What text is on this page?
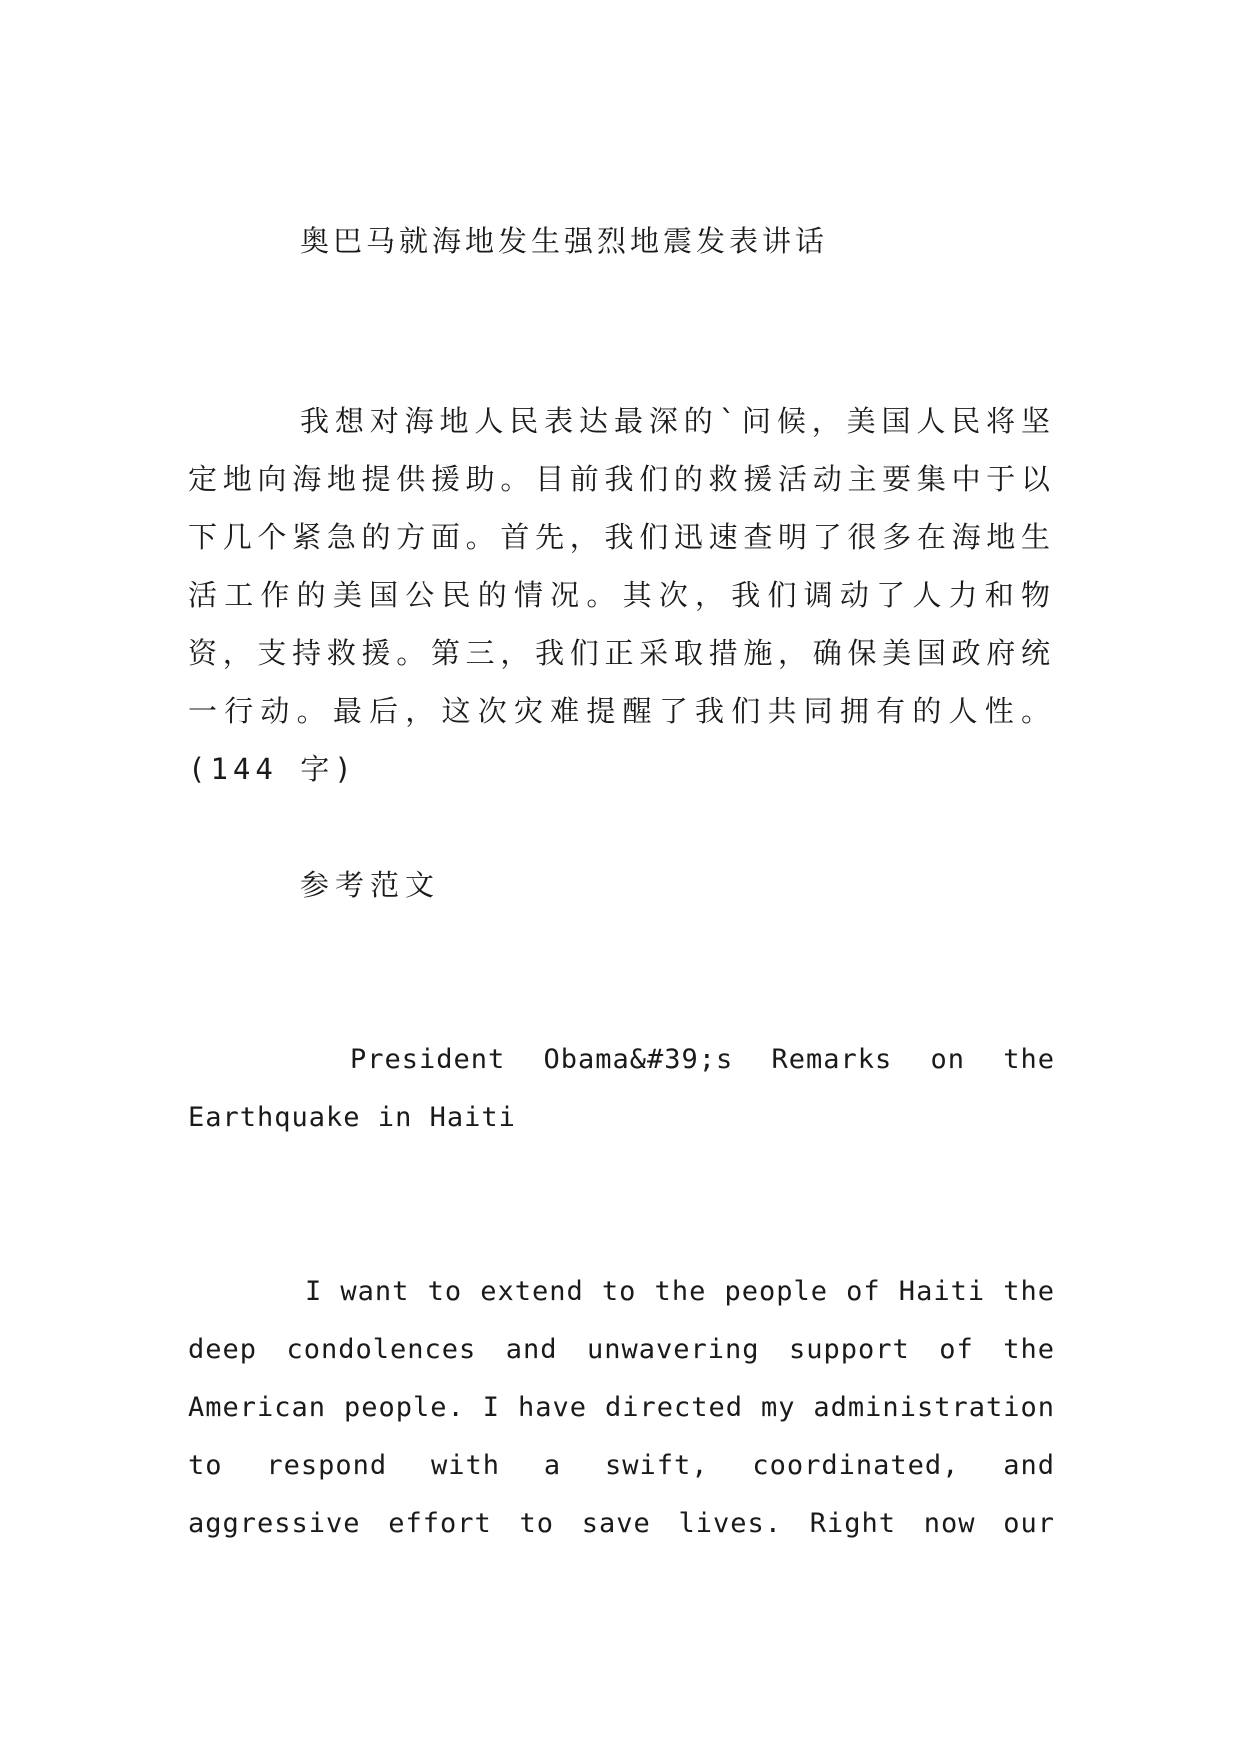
奥巴马就海地发生强烈地震发表讲话
我想对海地人民表达最深的`问候，美国人民将坚定地向海地提供援助。目前我们的救援活动主要集中于以下几个紧急的方面。首先，我们迅速查明了很多在海地生活工作的美国公民的情况。其次，我们调动了人力和物资，支持救援。第三，我们正采取措施，确保美国政府统一行动。最后，这次灾难提醒了我们共同拥有的人性。(144 字)
参考范文
President Obama&#39;s Remarks on the Earthquake in Haiti
I want to extend to the people of Haiti the deep condolences and unwavering support of the American people. I have directed my administration to respond with a swift, coordinated, and aggressive effort to save lives. Right now our
